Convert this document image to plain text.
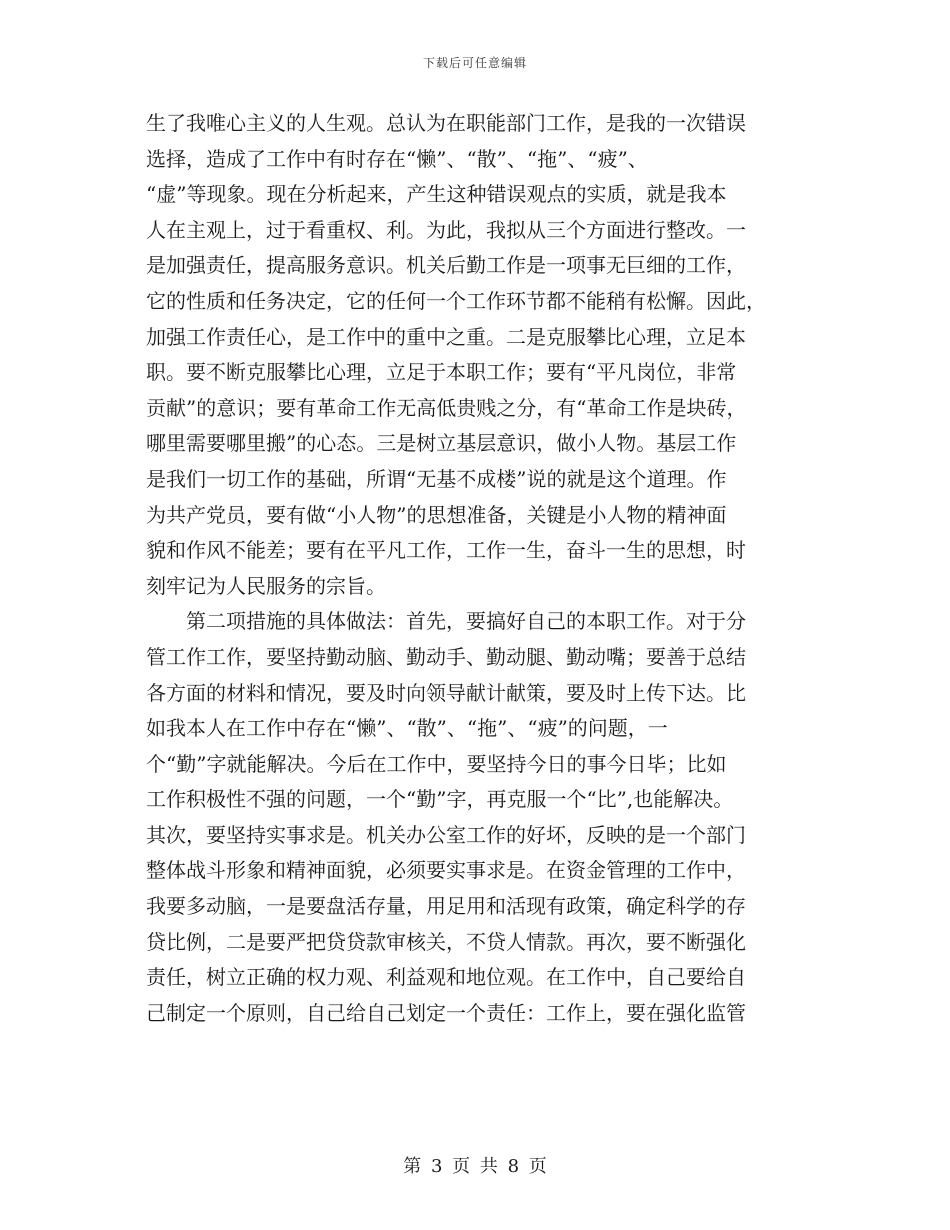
下载后可任意编辑
生了我唯心主义的人生观。总认为在职能部门工作，是我的一次错误
选择，造成了工作中有时存在“懒”、“散”、“拖”、“疲”、
“虚”等现象。现在分析起来，产生这种错误观点的实质，就是我本
人在主观上，过于看重权、利。为此，我拟从三个方面进行整改。一
是加强责任，提高服务意识。机关后勤工作是一项事无巨细的工作，
它的性质和任务决定，它的任何一个工作环节都不能稍有松懈。因此，
加强工作责任心，是工作中的重中之重。二是克服攀比心理，立足本
职。要不断克服攀比心理，立足于本职工作；要有“平凡岗位，非常
贡献”的意识；要有革命工作无高低贵贱之分，有“革命工作是块砖，
哪里需要哪里搬”的心态。三是树立基层意识，做小人物。基层工作
是我们一切工作的基础，所谓“无基不成楼”说的就是这个道理。作
为共产党员，要有做“小人物”的思想准备，关键是小人物的精神面
貌和作风不能差；要有在平凡工作，工作一生，奋斗一生的思想，时
刻牢记为人民服务的宗旨。
第二项措施的具体做法：首先，要搞好自己的本职工作。对于分
管工作工作，要坚持勤动脑、勤动手、勤动腿、勤动嘴；要善于总结
各方面的材料和情况，要及时向领导献计献策，要及时上传下达。比
如我本人在工作中存在“懒”、“散”、“拖”、“疲”的问题，一
个“勤”字就能解决。今后在工作中，要坚持今日的事今日毕；比如
工作积极性不强的问题，一个“勤”字，再克服一个“比”,也能解决。
其次，要坚持实事求是。机关办公室工作的好坏，反映的是一个部门
整体战斗形象和精神面貌，必须要实事求是。在资金管理的工作中，
我要多动脑，一是要盘活存量，用足用和活现有政策，确定科学的存
贷比例，二是要严把贷贷款审核关，不贷人情款。再次，要不断强化
责任，树立正确的权力观、利益观和地位观。在工作中，自己要给自
己制定一个原则，自己给自己划定一个责任：工作上，要在强化监管
第 3 页 共 8 页
